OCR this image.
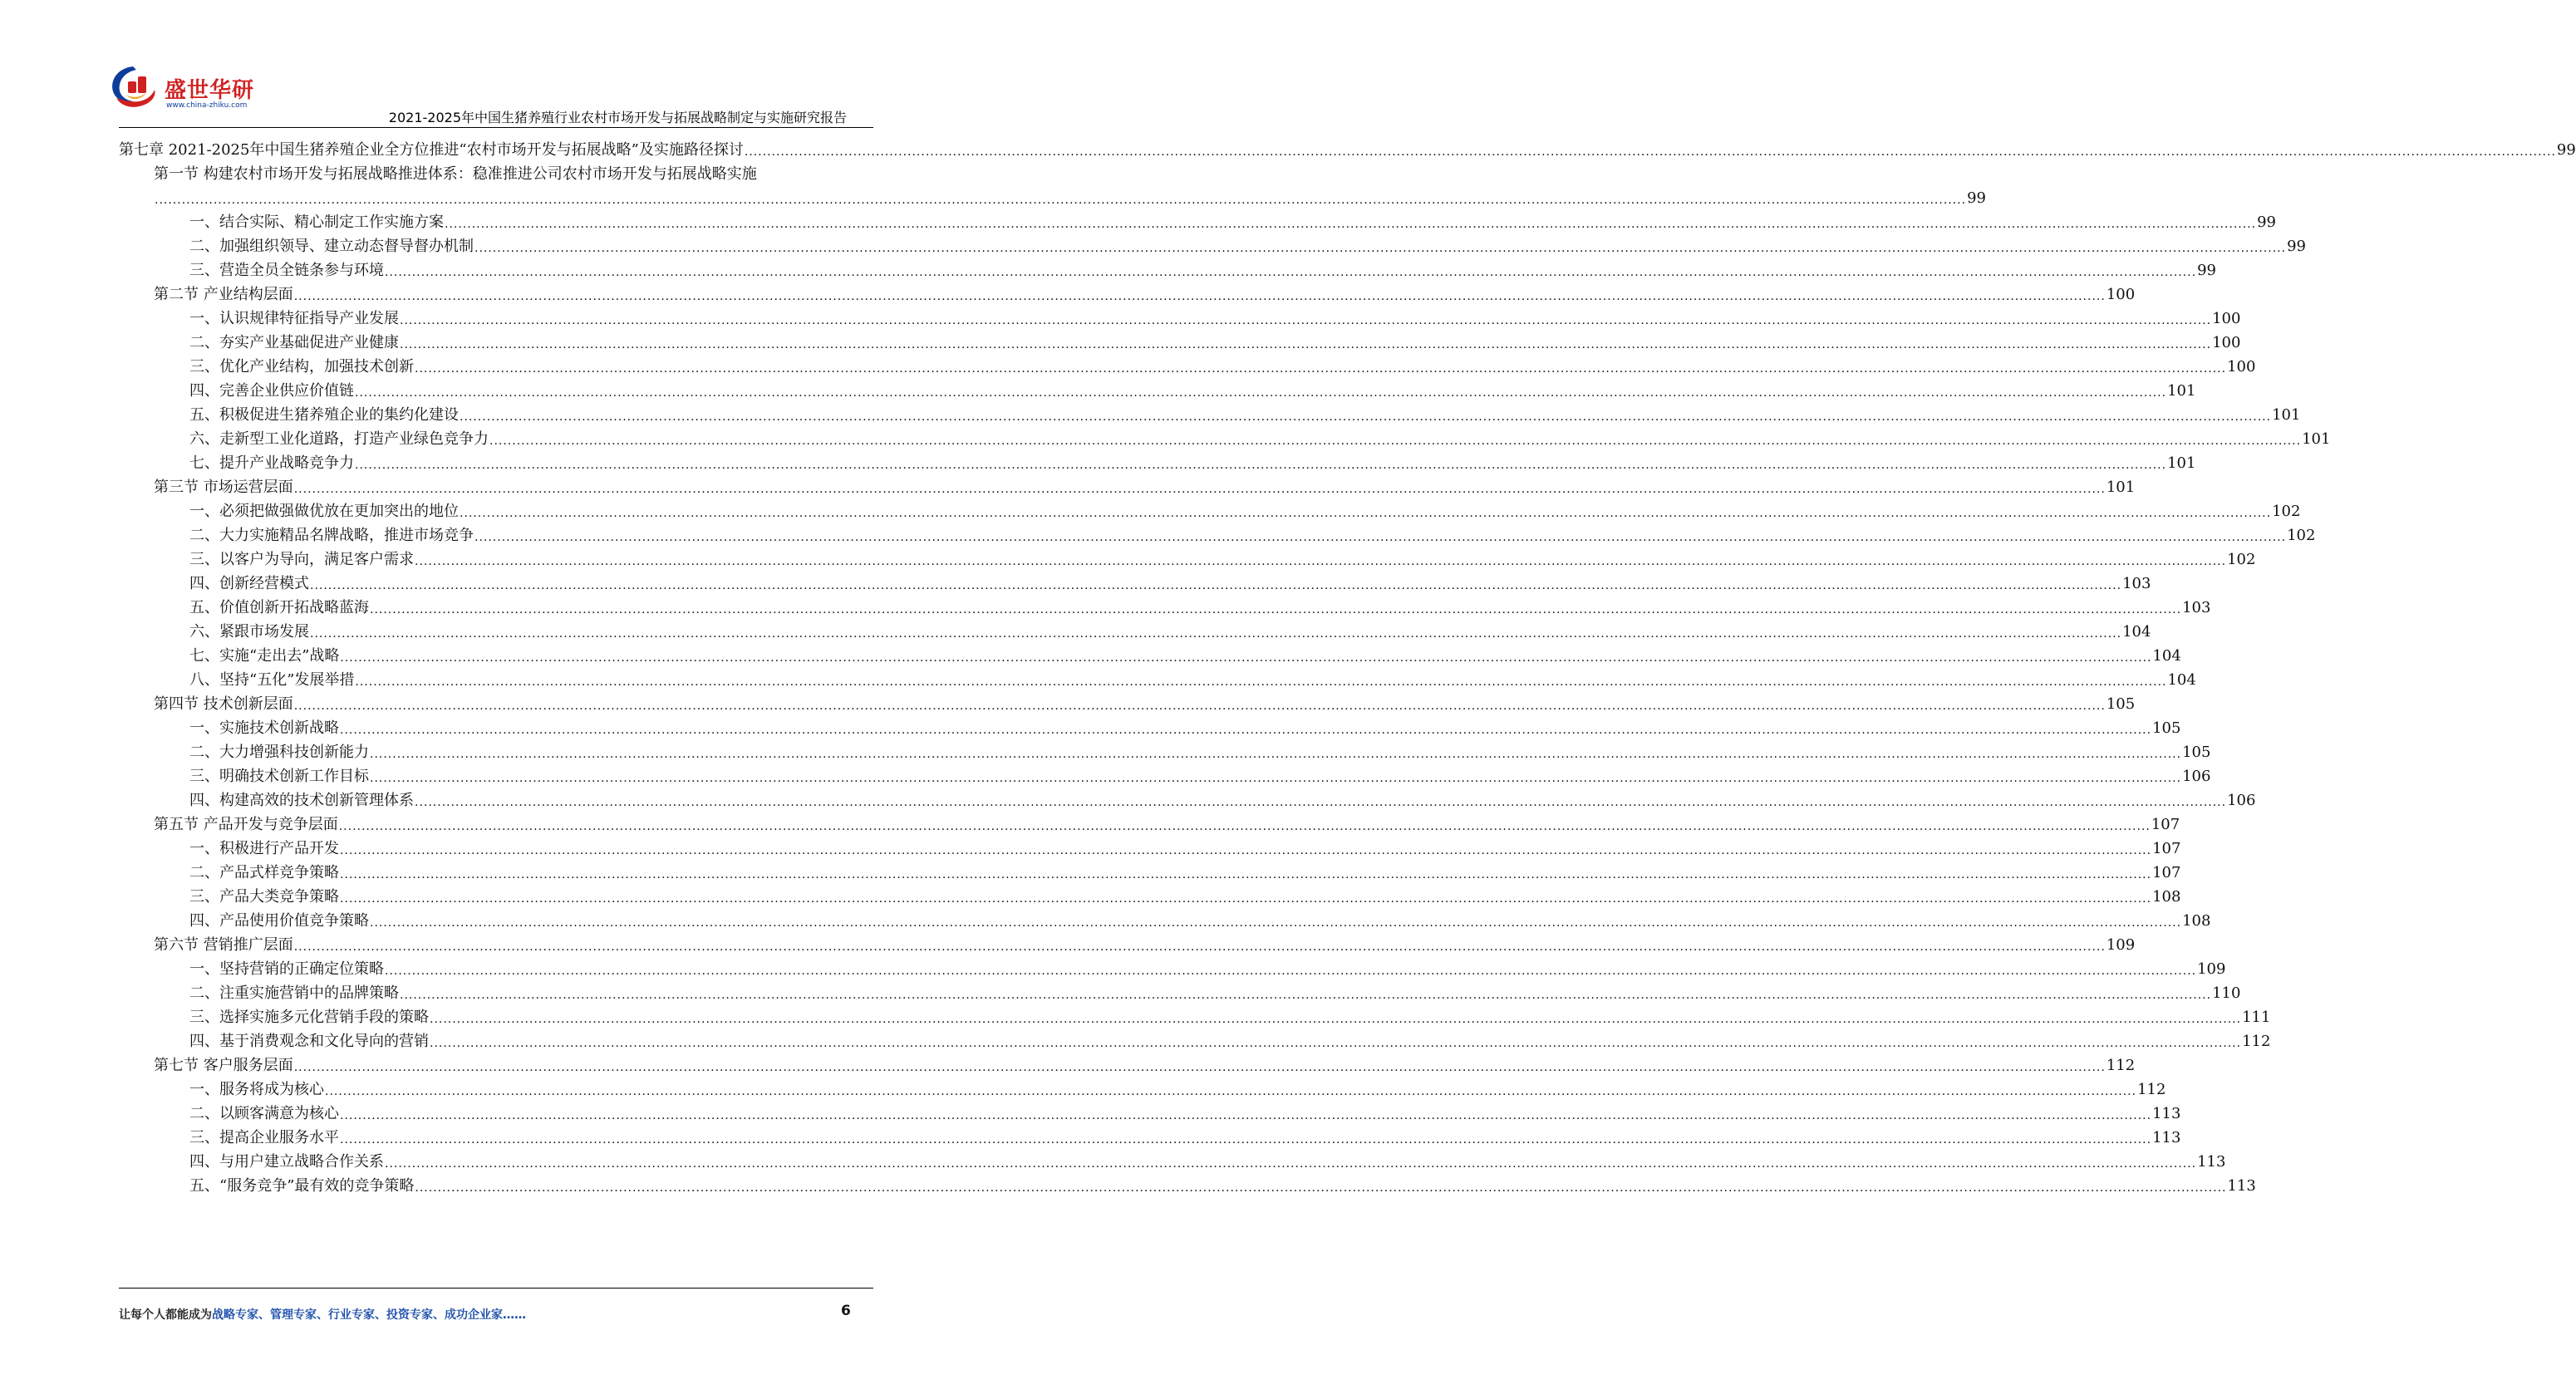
盛世华研
www.china-zhiku.com
2021-2025年中国生猪养殖行业农村市场开发与拓展战略制定与实施研究报告
第七章 2021-2025年中国生猪养殖企业全方位推进“农村市场开发与拓展战略”及实施路径探讨 ................................................................................................................................................................................................................................................................................................................................................................................................................ 99
第一节 构建农村市场开发与拓展战略推进体系：稳准推进公司农村市场开发与拓展战略实施
................................................................................................................................................................................................................................................................................................................................................................................................................ 99
一、结合实际、精心制定工作实施方案 ................................................................................................................................................................................................................................................................................................................................................................................................................ 99
二、加强组织领导、建立动态督导督办机制 ................................................................................................................................................................................................................................................................................................................................................................................................................ 99
三、营造全员全链条参与环境 ................................................................................................................................................................................................................................................................................................................................................................................................................ 99
第二节 产业结构层面 ................................................................................................................................................................................................................................................................................................................................................................................................................ 100
一、认识规律特征指导产业发展 ................................................................................................................................................................................................................................................................................................................................................................................................................ 100
二、夯实产业基础促进产业健康 ................................................................................................................................................................................................................................................................................................................................................................................................................ 100
三、优化产业结构，加强技术创新 ................................................................................................................................................................................................................................................................................................................................................................................................................ 100
四、完善企业供应价值链 ................................................................................................................................................................................................................................................................................................................................................................................................................ 101
五、积极促进生猪养殖企业的集约化建设 ................................................................................................................................................................................................................................................................................................................................................................................................................ 101
六、走新型工业化道路，打造产业绿色竞争力 ................................................................................................................................................................................................................................................................................................................................................................................................................ 101
七、提升产业战略竞争力 ................................................................................................................................................................................................................................................................................................................................................................................................................ 101
第三节 市场运营层面 ................................................................................................................................................................................................................................................................................................................................................................................................................ 101
一、必须把做强做优放在更加突出的地位 ................................................................................................................................................................................................................................................................................................................................................................................................................ 102
二、大力实施精品名牌战略，推进市场竞争 ................................................................................................................................................................................................................................................................................................................................................................................................................ 102
三、以客户为导向，满足客户需求 ................................................................................................................................................................................................................................................................................................................................................................................................................ 102
四、创新经营模式 ................................................................................................................................................................................................................................................................................................................................................................................................................ 103
五、价值创新开拓战略蓝海 ................................................................................................................................................................................................................................................................................................................................................................................................................ 103
六、紧跟市场发展 ................................................................................................................................................................................................................................................................................................................................................................................................................ 104
七、实施“走出去”战略 ................................................................................................................................................................................................................................................................................................................................................................................................................ 104
八、坚持“五化”发展举措 ................................................................................................................................................................................................................................................................................................................................................................................................................ 104
第四节 技术创新层面 ................................................................................................................................................................................................................................................................................................................................................................................................................ 105
一、实施技术创新战略 ................................................................................................................................................................................................................................................................................................................................................................................................................ 105
二、大力增强科技创新能力 ................................................................................................................................................................................................................................................................................................................................................................................................................ 105
三、明确技术创新工作目标 ................................................................................................................................................................................................................................................................................................................................................................................................................ 106
四、构建高效的技术创新管理体系 ................................................................................................................................................................................................................................................................................................................................................................................................................ 106
第五节 产品开发与竞争层面 ................................................................................................................................................................................................................................................................................................................................................................................................................ 107
一、积极进行产品开发 ................................................................................................................................................................................................................................................................................................................................................................................................................ 107
二、产品式样竞争策略 ................................................................................................................................................................................................................................................................................................................................................................................................................ 107
三、产品大类竞争策略 ................................................................................................................................................................................................................................................................................................................................................................................................................ 108
四、产品使用价值竞争策略 ................................................................................................................................................................................................................................................................................................................................................................................................................ 108
第六节 营销推广层面 ................................................................................................................................................................................................................................................................................................................................................................................................................ 109
一、坚持营销的正确定位策略 ................................................................................................................................................................................................................................................................................................................................................................................................................ 109
二、注重实施营销中的品牌策略 ................................................................................................................................................................................................................................................................................................................................................................................................................ 110
三、选择实施多元化营销手段的策略 ................................................................................................................................................................................................................................................................................................................................................................................................................ 111
四、基于消费观念和文化导向的营销 ................................................................................................................................................................................................................................................................................................................................................................................................................ 112
第七节 客户服务层面 ................................................................................................................................................................................................................................................................................................................................................................................................................ 112
一、服务将成为核心 ................................................................................................................................................................................................................................................................................................................................................................................................................ 112
二、以顾客满意为核心 ................................................................................................................................................................................................................................................................................................................................................................................................................ 113
三、提高企业服务水平 ................................................................................................................................................................................................................................................................................................................................................................................................................ 113
四、与用户建立战略合作关系 ................................................................................................................................................................................................................................................................................................................................................................................................................ 113
五、“服务竞争”最有效的竞争策略 ................................................................................................................................................................................................................................................................................................................................................................................................................ 113
让每个人都能成为战略专家、管理专家、行业专家、投资专家、成功企业家……	6
